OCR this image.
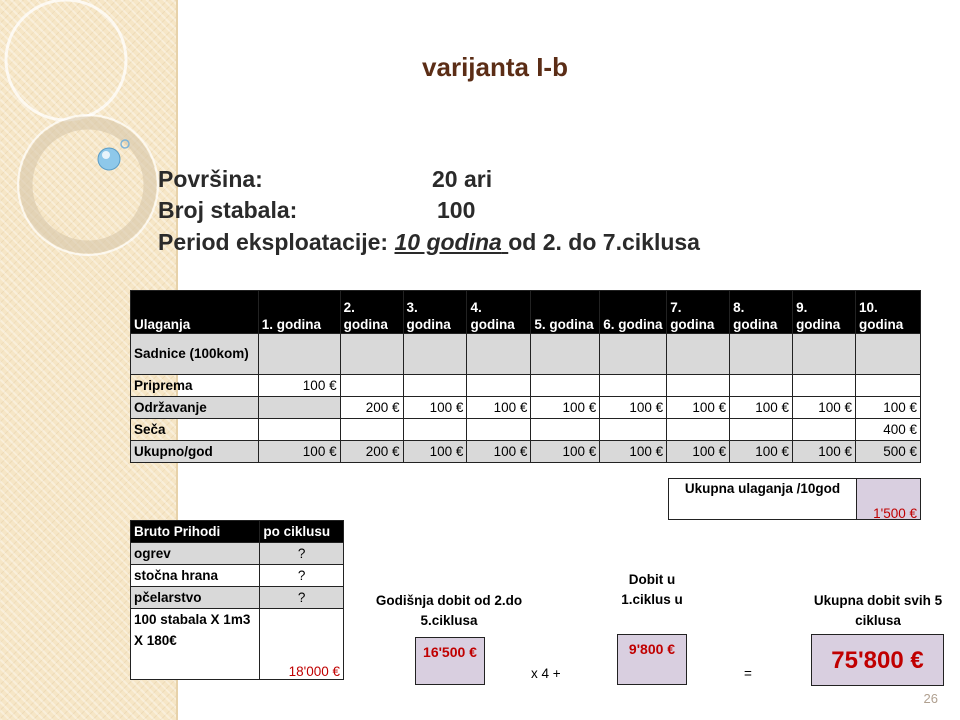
varijanta I-b
Površina:	20 ari
Broj stabala:	100
Period eksploatacije: 10 godina od 2. do 7.ciklusa
Ulaganja	1. godina	2. godina	3. godina	4. godina	5. godina	6. godina	7. godina	8. godina	9. godina	10. godina
Sadnice (100kom)										
Priprema	100 €									
Održavanje		200 €	100 €	100 €	100 €	100 €	100 €	100 €	100 €	100 €
Seča										400 €
Ukupno/god	100 €	200 €	100 €	100 €	100 €	100 €	100 €	100 €	100 €	500 €
Ukupna ulaganja /10god
1'500 €
Bruto Prihodi	po ciklusu
ogrev	?
stočna hrana	?
pčelarstvo	?

100 stabala X 1m3
X 180€	18'000 €
Godišnja dobit od 2.do 5.ciklusa
16'500 €
x 4 +
Dobit u 1.ciklus u
9'800 €
=
Ukupna dobit svih 5 ciklusa
75'800 €
26
